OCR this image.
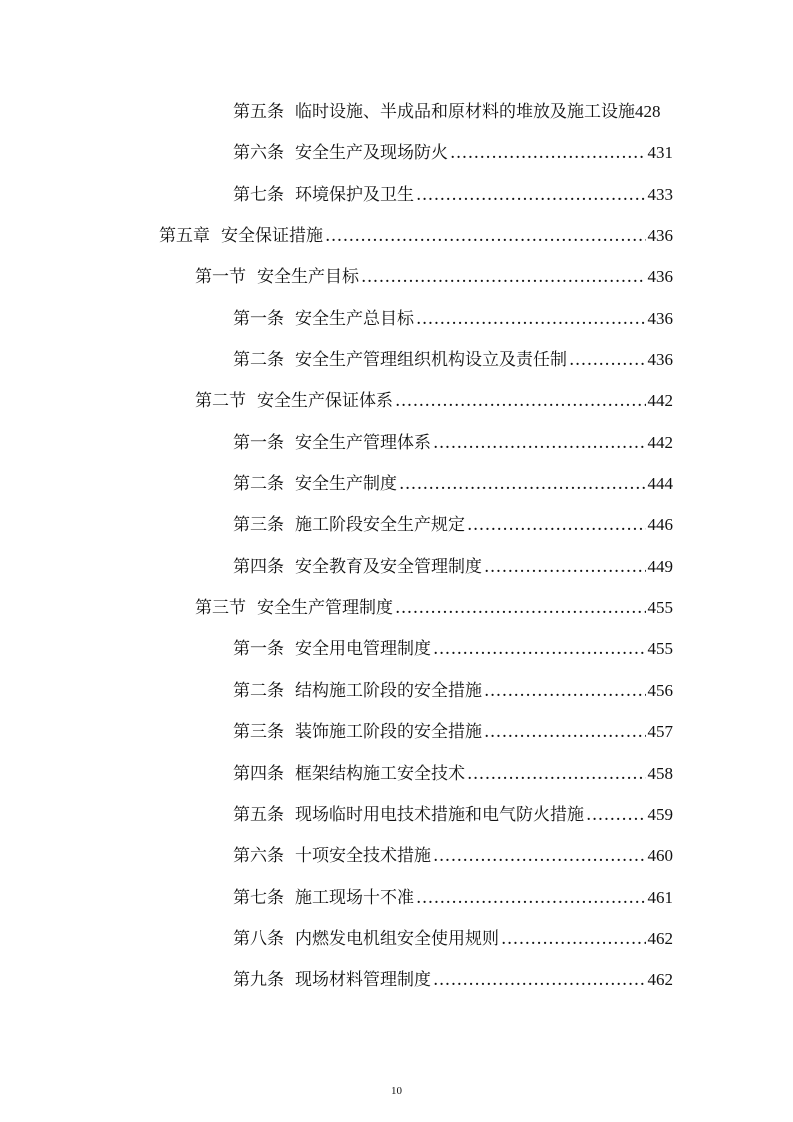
第五条 临时设施、半成品和原材料的堆放及施工设施 428
第六条 安全生产及现场防火 .....	431
第七条 环境保护及卫生 .....	433
第五章 安全保证措施 .....	436
第一节 安全生产目标 .....	436
第一条 安全生产总目标 .....	436
第二条 安全生产管理组织机构设立及责任制 .....	436
第二节 安全生产保证体系 .....	442
第一条 安全生产管理体系 .....	442
第二条 安全生产制度 .....	444
第三条 施工阶段安全生产规定 .....	446
第四条 安全教育及安全管理制度 .....	449
第三节 安全生产管理制度 .....	455
第一条 安全用电管理制度 .....	455
第二条 结构施工阶段的安全措施 .....	456
第三条 装饰施工阶段的安全措施 .....	457
第四条 框架结构施工安全技术 .....	458
第五条 现场临时用电技术措施和电气防火措施 .....	459
第六条 十项安全技术措施 .....	460
第七条 施工现场十不准 .....	461
第八条 内燃发电机组安全使用规则 .....	462
第九条 现场材料管理制度 .....	462
10
